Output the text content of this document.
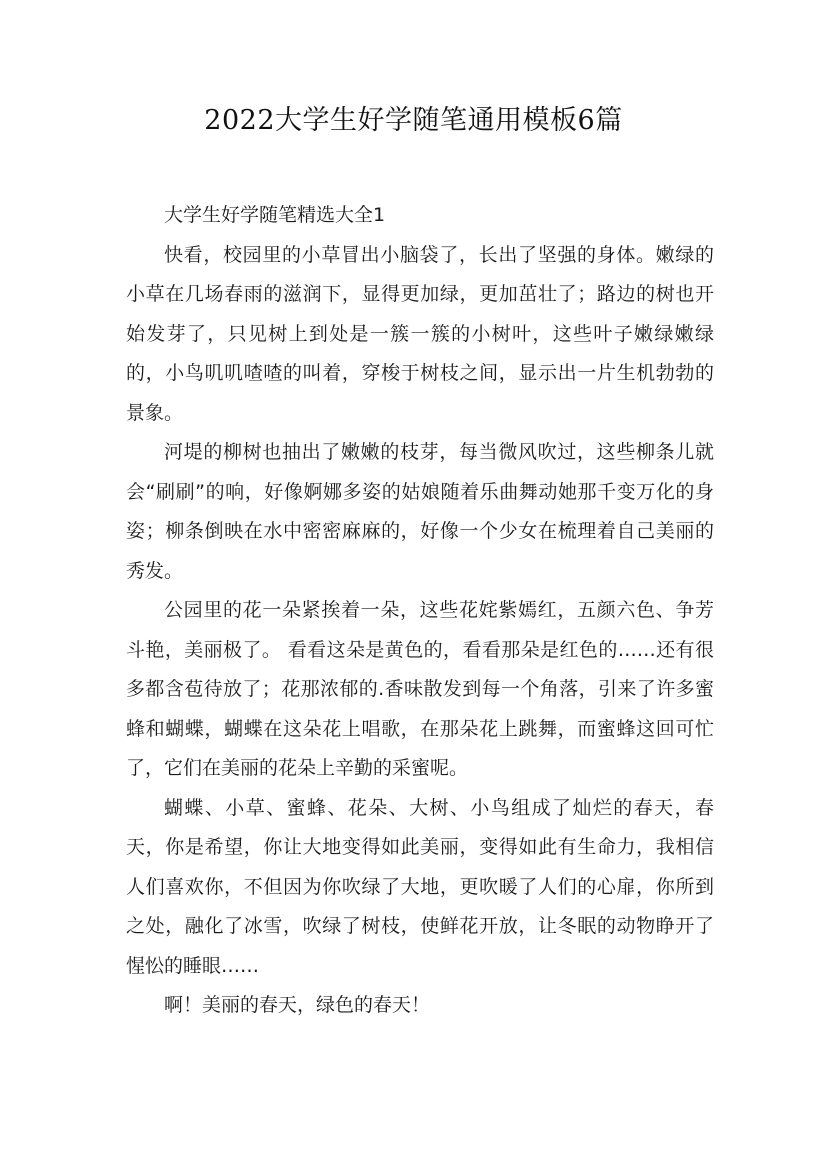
2022大学生好学随笔通用模板6篇

大学生好学随笔精选大全1

快看，校园里的小草冒出小脑袋了，长出了坚强的身体。嫩绿的小草在几场春雨的滋润下，显得更加绿，更加茁壮了；路边的树也开始发芽了，只见树上到处是一簇一簇的小树叶，这些叶子嫩绿嫩绿的，小鸟叽叽喳喳的叫着，穿梭于树枝之间，显示出一片生机勃勃的景象。

河堤的柳树也抽出了嫩嫩的枝芽，每当微风吹过，这些柳条儿就会“刷刷”的响，好像婀娜多姿的姑娘随着乐曲舞动她那千变万化的身姿；柳条倒映在水中密密麻麻的，好像一个少女在梳理着自己美丽的秀发。

公园里的花一朵紧挨着一朵，这些花姹紫嫣红，五颜六色、争芳斗艳，美丽极了。 看看这朵是黄色的，看看那朵是红色的……还有很多都含苞待放了；花那浓郁的.香味散发到每一个角落，引来了许多蜜蜂和蝴蝶，蝴蝶在这朵花上唱歌，在那朵花上跳舞，而蜜蜂这回可忙了，它们在美丽的花朵上辛勤的采蜜呢。

蝴蝶、小草、蜜蜂、花朵、大树、小鸟组成了灿烂的春天，春天，你是希望，你让大地变得如此美丽，变得如此有生命力，我相信人们喜欢你，不但因为你吹绿了大地，更吹暖了人们的心扉，你所到之处，融化了冰雪，吹绿了树枝，使鲜花开放，让冬眠的动物睁开了惺忪的睡眼……

啊！美丽的春天，绿色的春天！
